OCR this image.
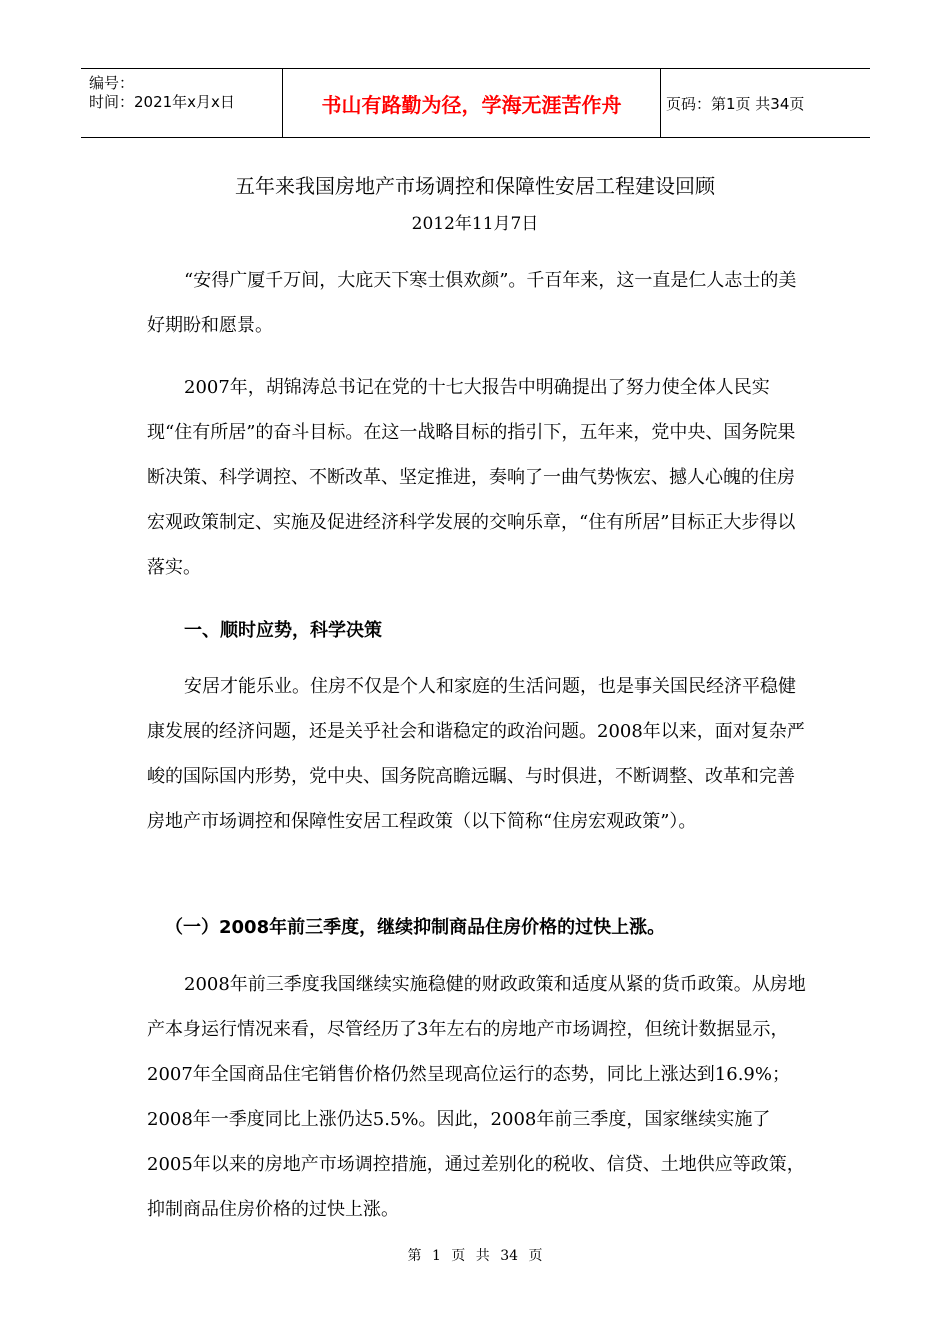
编号：
时间：2021年x月x日	书山有路勤为径，学海无涯苦作舟	页码：第1页 共34页
五年来我国房地产市场调控和保障性安居工程建设回顾
2012年11月7日

“安得广厦千万间，大庇天下寒士俱欢颜”。千百年来，这一直是仁人志士的美好期盼和愿景。

2007年，胡锦涛总书记在党的十七大报告中明确提出了努力使全体人民实现“住有所居”的奋斗目标。在这一战略目标的指引下，五年来，党中央、国务院果断决策、科学调控、不断改革、坚定推进，奏响了一曲气势恢宏、撼人心魄的住房宏观政策制定、实施及促进经济科学发展的交响乐章，“住有所居”目标正大步得以落实。

一、顺时应势，科学决策

安居才能乐业。住房不仅是个人和家庭的生活问题，也是事关国民经济平稳健康发展的经济问题，还是关乎社会和谐稳定的政治问题。2008年以来，面对复杂严峻的国际国内形势，党中央、国务院高瞻远瞩、与时俱进，不断调整、改革和完善房地产市场调控和保障性安居工程政策（以下简称“住房宏观政策”）。

（一）2008年前三季度，继续抑制商品住房价格的过快上涨。

2008年前三季度我国继续实施稳健的财政政策和适度从紧的货币政策。从房地产本身运行情况来看，尽管经历了3年左右的房地产市场调控，但统计数据显示，2007年全国商品住宅销售价格仍然呈现高位运行的态势，同比上涨达到16.9%；2008年一季度同比上涨仍达5.5%。因此，2008年前三季度，国家继续实施了2005年以来的房地产市场调控措施，通过差别化的税收、信贷、土地供应等政策，抑制商品住房价格的过快上涨。

第 1 页 共 34 页
